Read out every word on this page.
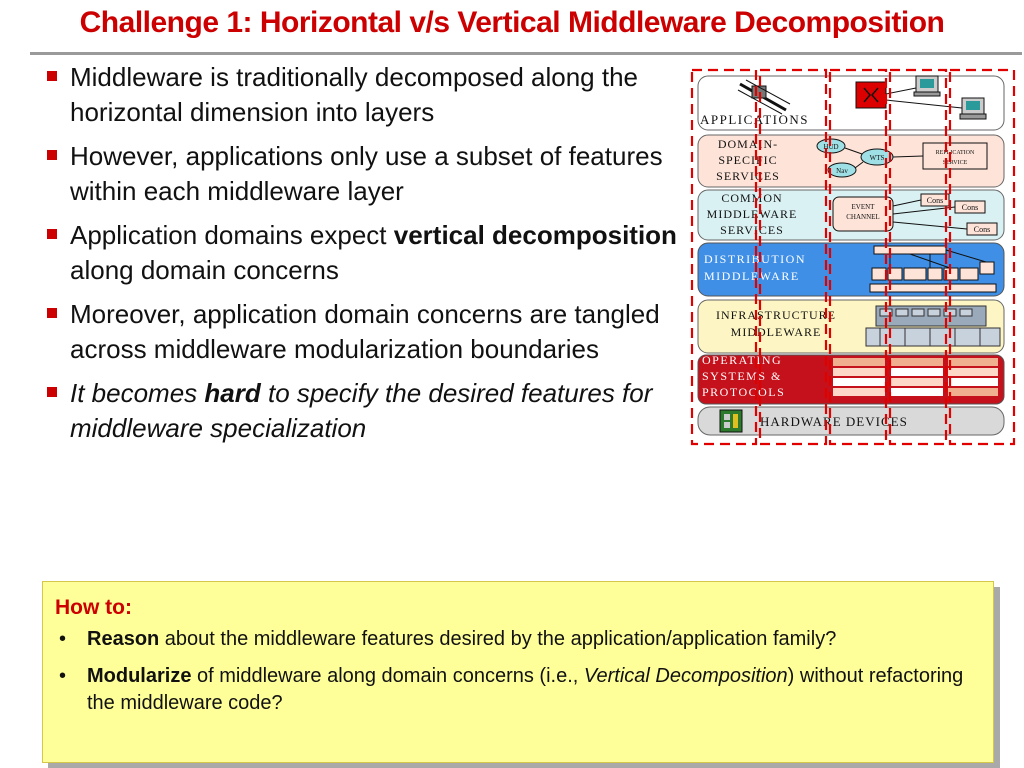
Challenge 1: Horizontal v/s Vertical Middleware Decomposition
Middleware is traditionally decomposed along the horizontal dimension into layers
However, applications only use a subset of features within each middleware layer
Application domains expect vertical decomposition along domain concerns
Moreover, application domain concerns are tangled across middleware modularization boundaries
It becomes hard to specify the desired features for middleware specialization
APPLICATIONS
DOMAIN-
SPECIFIC
SERVICES
HUD
Nav
WTS
REPLICATION
SERVICE
COMMON
MIDDLEWARE
SERVICES
EVENT
CHANNEL
Cons
Cons
Cons
DISTRIBUTION
MIDDLEWARE
INFRASTRUCTURE
MIDDLEWARE
OPERATING
SYSTEMS &
PROTOCOLS
HARDWARE DEVICES
How to:
• Reason about the middleware features desired by the application/application family?
• Modularize of middleware along domain concerns (i.e., Vertical Decomposition) without refactoring the middleware code?
